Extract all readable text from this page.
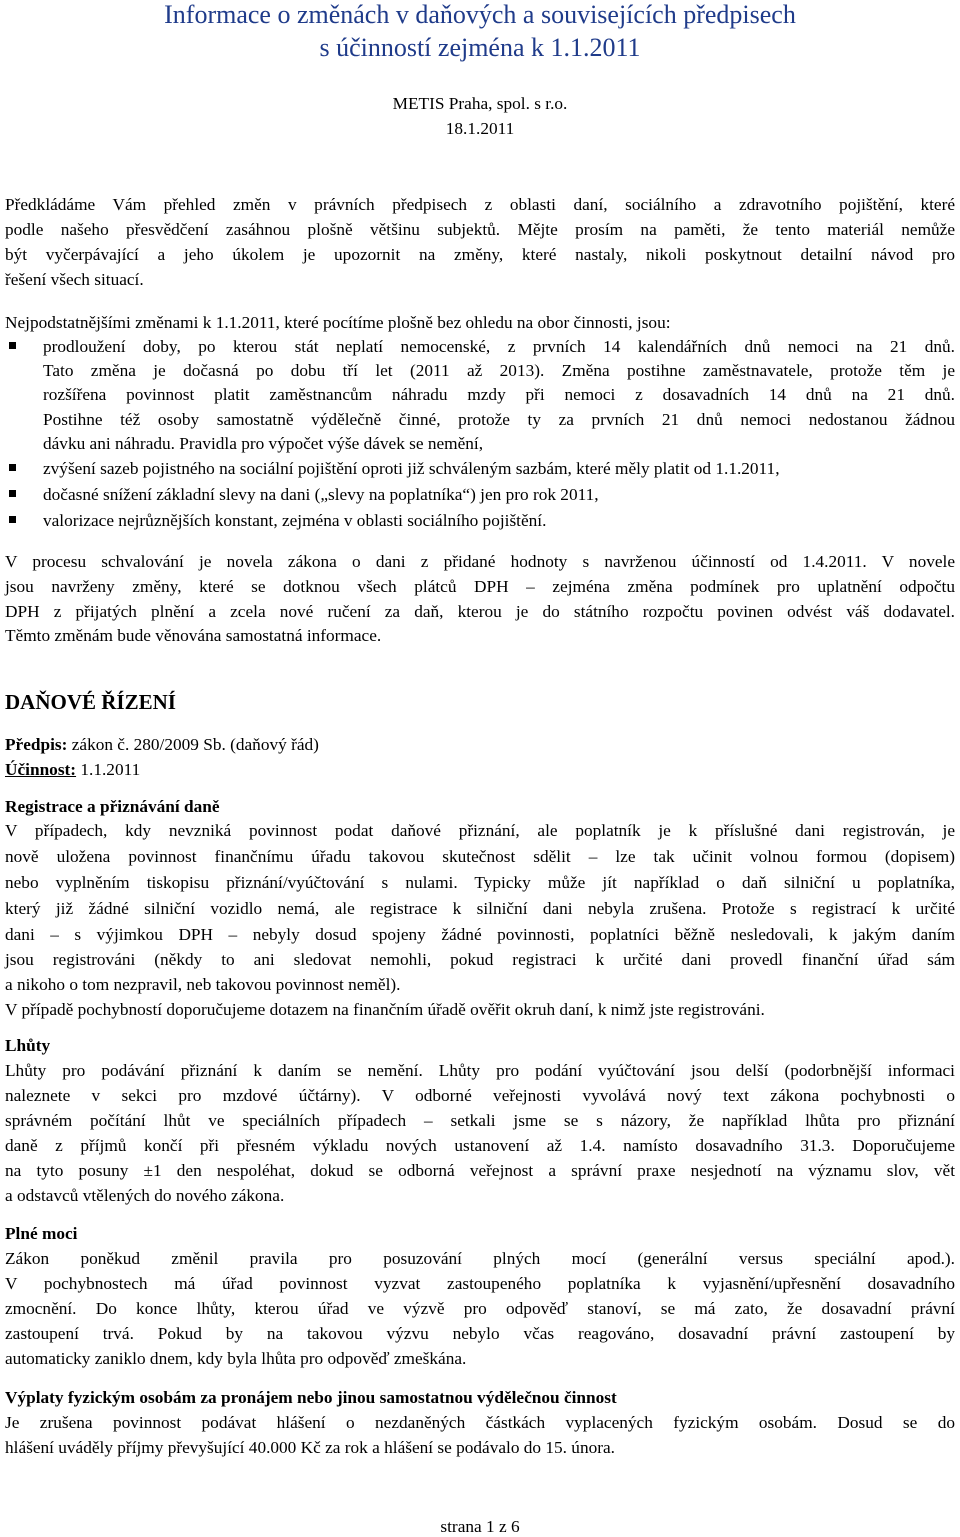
Informace o změnách v daňových a souvisejících předpisech
s účinností zejména k 1.1.2011
METIS Praha, spol. s r.o.
18.1.2011
Předkládáme Vám přehled změn v právních předpisech z oblasti daní, sociálního a zdravotního pojištění, které
podle našeho přesvědčení zasáhnou plošně většinu subjektů. Mějte prosím na paměti, že tento materiál nemůže
být vyčerpávající a jeho úkolem je upozornit na změny, které nastaly, nikoli poskytnout detailní návod pro
řešení všech situací.
Nejpodstatnějšími změnami k 1.1.2011, které pocítíme plošně bez ohledu na obor činnosti, jsou:
prodloužení doby, po kterou stát neplatí nemocenské, z prvních 14 kalendářních dnů nemoci na 21 dnů.
Tato změna je dočasná po dobu tří let (2011 až 2013). Změna postihne zaměstnavatele, protože těm je
rozšířena povinnost platit zaměstnancům náhradu mzdy při nemoci z dosavadních 14 dnů na 21 dnů.
Postihne též osoby samostatně výdělečně činné, protože ty za prvních 21 dnů nemoci nedostanou žádnou
dávku ani náhradu. Pravidla pro výpočet výše dávek se nemění,
zvýšení sazeb pojistného na sociální pojištění oproti již schváleným sazbám, které měly platit od 1.1.2011,
dočasné snížení základní slevy na dani („slevy na poplatníka“) jen pro rok 2011,
valorizace nejrůznějších konstant, zejména v oblasti sociálního pojištění.
V procesu schvalování je novela zákona o dani z přidané hodnoty s navrženou účinností od 1.4.2011. V novele
jsou navrženy změny, které se dotknou všech plátců DPH – zejména změna podmínek pro uplatnění odpočtu
DPH z přijatých plnění a zcela nové ručení za daň, kterou je do státního rozpočtu povinen odvést váš dodavatel.
Těmto změnám bude věnována samostatná informace.
DAŇOVÉ ŘÍZENÍ
Předpis: zákon č. 280/2009 Sb. (daňový řád)
Účinnost: 1.1.2011
Registrace a přiznávání daně
V případech, kdy nevzniká povinnost podat daňové přiznání, ale poplatník je k příslušné dani registrován, je
nově uložena povinnost finančnímu úřadu takovou skutečnost sdělit – lze tak učinit volnou formou (dopisem)
nebo vyplněním tiskopisu přiznání/vyúčtování s nulami. Typicky může jít například o daň silniční u poplatníka,
který již žádné silniční vozidlo nemá, ale registrace k silniční dani nebyla zrušena. Protože s registrací k určité
dani – s výjimkou DPH – nebyly dosud spojeny žádné povinnosti, poplatníci běžně nesledovali, k jakým daním
jsou registrováni (někdy to ani sledovat nemohli, pokud registraci k určité dani provedl finanční úřad sám
a nikoho o tom nezpravil, neb takovou povinnost neměl).
V případě pochybností doporučujeme dotazem na finančním úřadě ověřit okruh daní, k nimž jste registrováni.
Lhůty
Lhůty pro podávání přiznání k daním se nemění. Lhůty pro podání vyúčtování jsou delší (podorbnější informaci
naleznete v sekci pro mzdové účtárny). V odborné veřejnosti vyvolává nový text zákona pochybnosti o
správném počítání lhůt ve speciálních případech – setkali jsme se s názory, že například lhůta pro přiznání
daně z příjmů končí při přesném výkladu nových ustanovení až 1.4. namísto dosavadního 31.3. Doporučujeme
na tyto posuny ±1 den nespoléhat, dokud se odborná veřejnost a správní praxe nesjednotí na významu slov, vět
a odstavců vtělených do nového zákona.
Plné moci
Zákon poněkud změnil pravila pro posuzování plných mocí (generální versus speciální apod.).
V pochybnostech má úřad povinnost vyzvat zastoupeného poplatníka k vyjasnění/upřesnění dosavadního
zmocnění. Do konce lhůty, kterou úřad ve výzvě pro odpověď stanoví, se má zato, že dosavadní právní
zastoupení trvá. Pokud by na takovou výzvu nebylo včas reagováno, dosavadní právní zastoupení by
automaticky zaniklo dnem, kdy byla lhůta pro odpověď zmeškána.
Výplaty fyzickým osobám za pronájem nebo jinou samostatnou výdělečnou činnost
Je zrušena povinnost podávat hlášení o nezdaněných částkách vyplacených fyzickým osobám. Dosud se do
hlášení uváděly příjmy převyšující 40.000 Kč za rok a hlášení se podávalo do 15. února.
strana 1 z 6
